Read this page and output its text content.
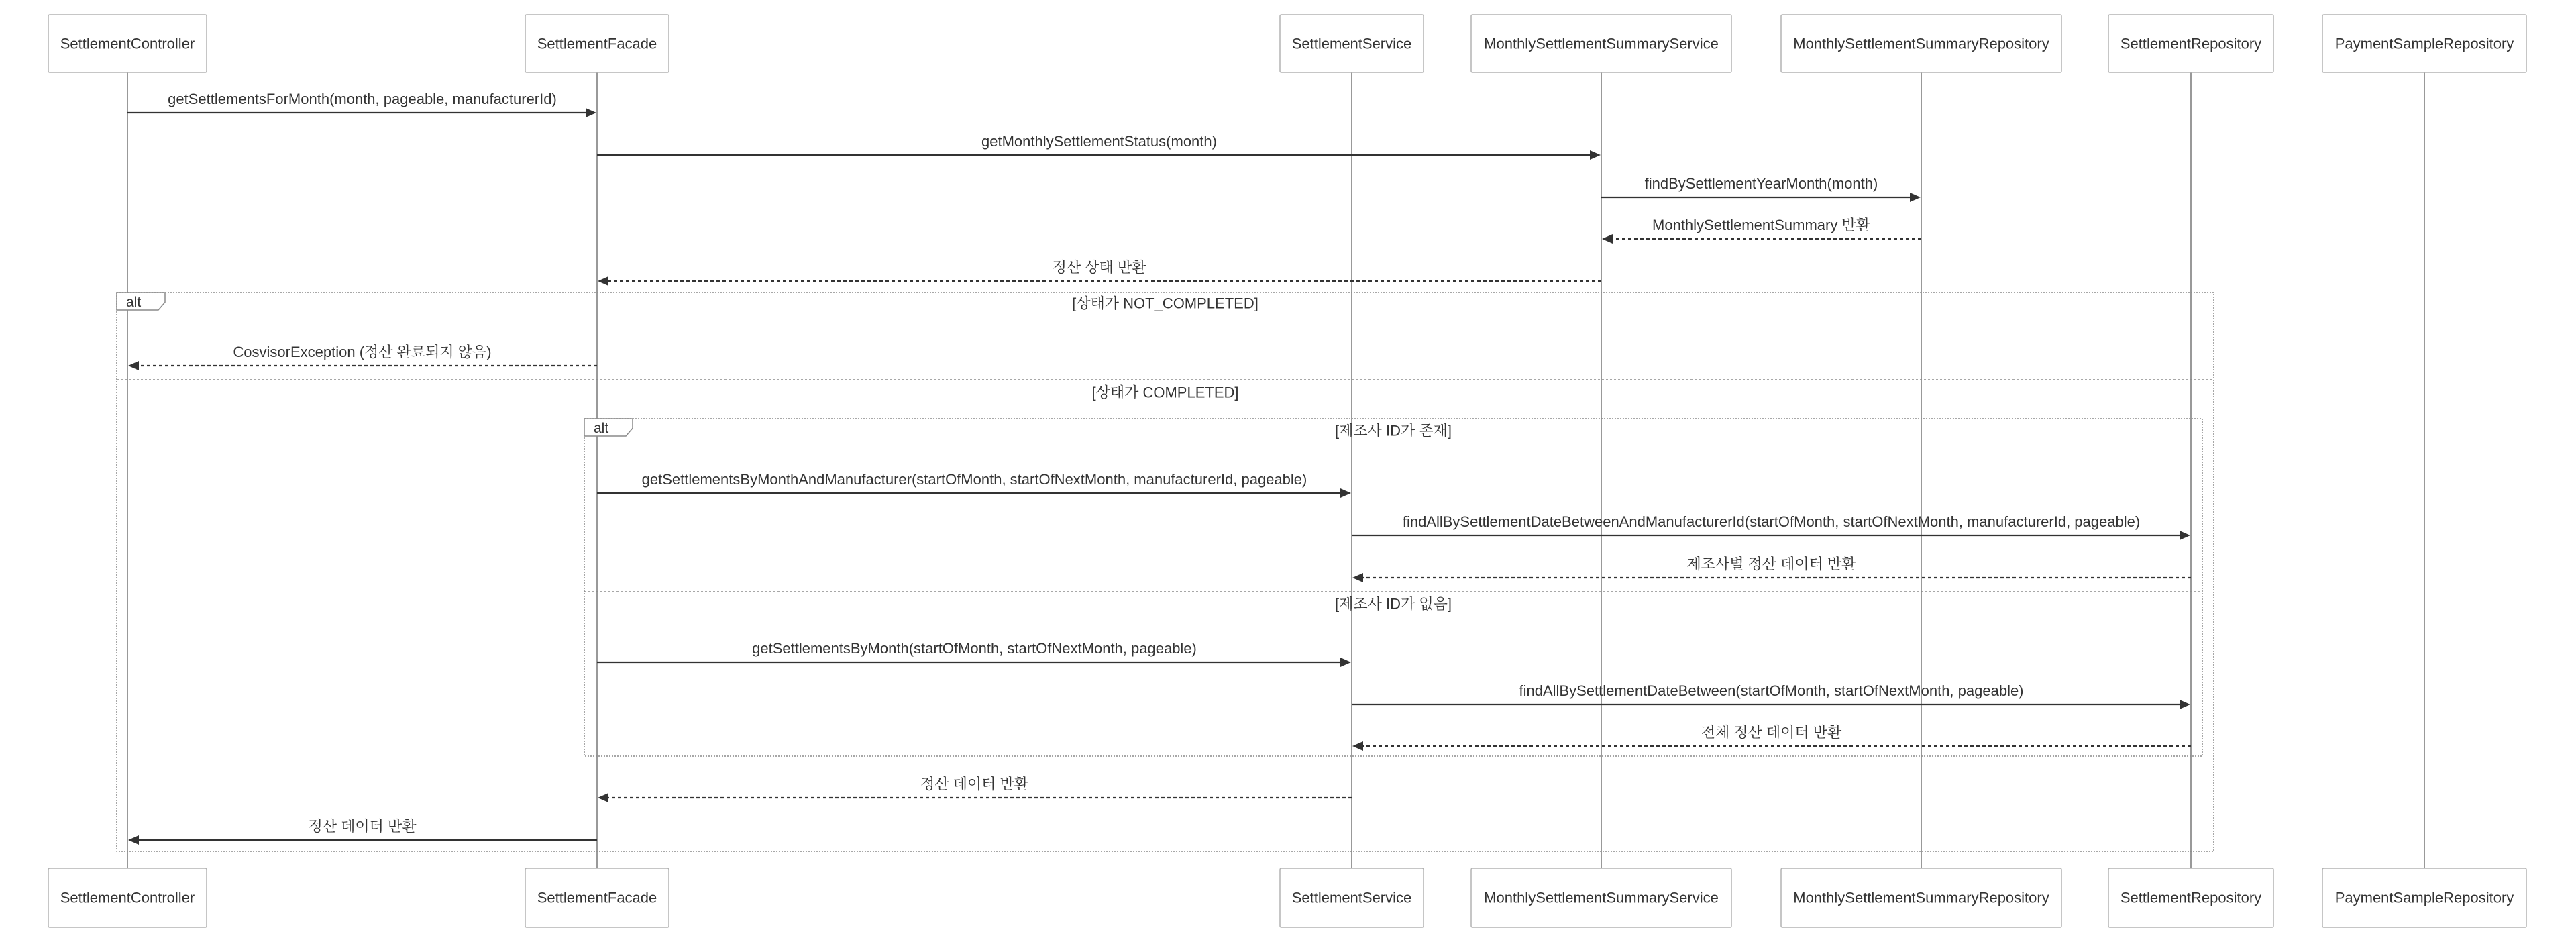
alt	[상태가 NOT_COMPLETED]
[상태가 COMPLETED]
alt	[제조사 ID가 존재]
[제조사 ID가 없음]
getSettlementsForMonth(month, pageable, manufacturerId)
getMonthlySettlementStatus(month)
findBySettlementYearMonth(month)
MonthlySettlementSummary 반환
정산 상태 반환
CosvisorException (정산 완료되지 않음)
getSettlementsByMonthAndManufacturer(startOfMonth, startOfNextMonth, manufacturerId, pageable)
findAllBySettlementDateBetweenAndManufacturerId(startOfMonth, startOfNextMonth, manufacturerId, pageable)
제조사별 정산 데이터 반환
getSettlementsByMonth(startOfMonth, startOfNextMonth, pageable)
findAllBySettlementDateBetween(startOfMonth, startOfNextMonth, pageable)
전체 정산 데이터 반환
정산 데이터 반환
정산 데이터 반환
SettlementController
SettlementController
SettlementFacade
SettlementFacade
SettlementService
SettlementService
MonthlySettlementSummaryService
MonthlySettlementSummaryService
MonthlySettlementSummaryRepository
MonthlySettlementSummaryRepository
SettlementRepository
SettlementRepository
PaymentSampleRepository
PaymentSampleRepository
